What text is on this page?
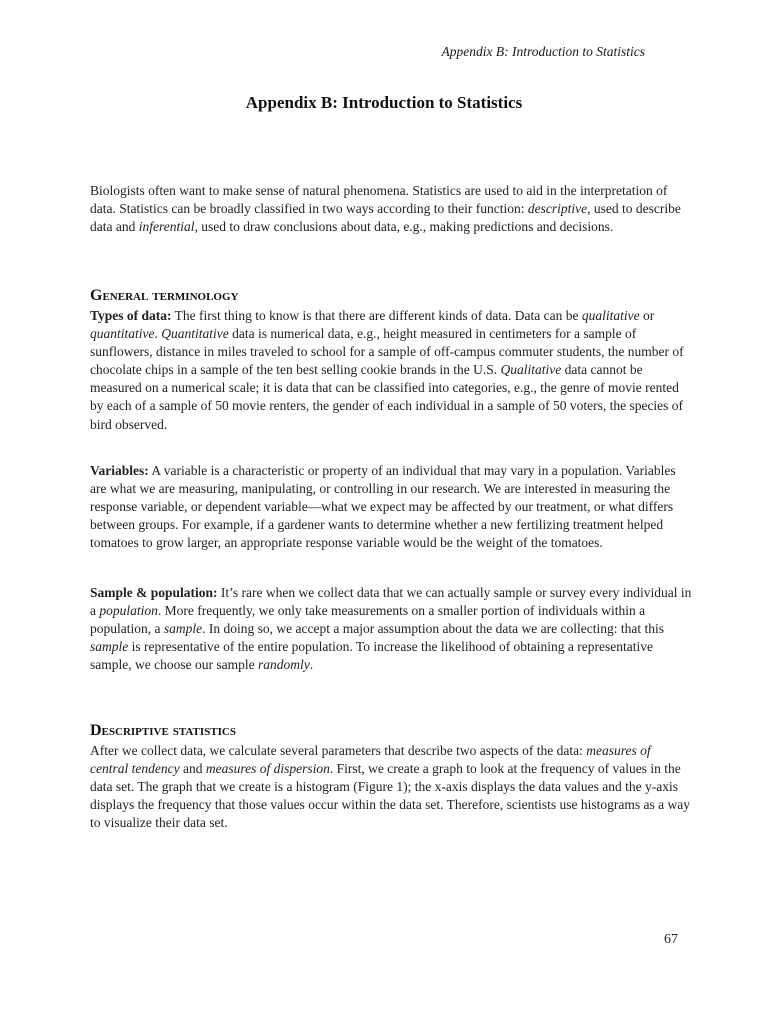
Appendix B: Introduction to Statistics
Appendix B: Introduction to Statistics

Biologists often want to make sense of natural phenomena. Statistics are used to aid in the interpretation of data. Statistics can be broadly classified in two ways according to their function: descriptive, used to describe data and inferential, used to draw conclusions about data, e.g., making predictions and decisions.

General terminology

Types of data: The first thing to know is that there are different kinds of data. Data can be qualitative or quantitative. Quantitative data is numerical data, e.g., height measured in centimeters for a sample of sunflowers, distance in miles traveled to school for a sample of off-campus commuter students, the number of chocolate chips in a sample of the ten best selling cookie brands in the U.S. Qualitative data cannot be measured on a numerical scale; it is data that can be classified into categories, e.g., the genre of movie rented by each of a sample of 50 movie renters, the gender of each individual in a sample of 50 voters, the species of bird observed.

Variables: A variable is a characteristic or property of an individual that may vary in a population. Variables are what we are measuring, manipulating, or controlling in our research. We are interested in measuring the response variable, or dependent variable—what we expect may be affected by our treatment, or what differs between groups. For example, if a gardener wants to determine whether a new fertilizing treatment helped tomatoes to grow larger, an appropriate response variable would be the weight of the tomatoes.

Sample & population: It’s rare when we collect data that we can actually sample or survey every individual in a population. More frequently, we only take measurements on a smaller portion of individuals within a population, a sample. In doing so, we accept a major assumption about the data we are collecting: that this sample is representative of the entire population. To increase the likelihood of obtaining a representative sample, we choose our sample randomly.

Descriptive statistics

After we collect data, we calculate several parameters that describe two aspects of the data: measures of central tendency and measures of dispersion. First, we create a graph to look at the frequency of values in the data set. The graph that we create is a histogram (Figure 1); the x-axis displays the data values and the y-axis displays the frequency that those values occur within the data set. Therefore, scientists use histograms as a way to visualize their data set.

67
